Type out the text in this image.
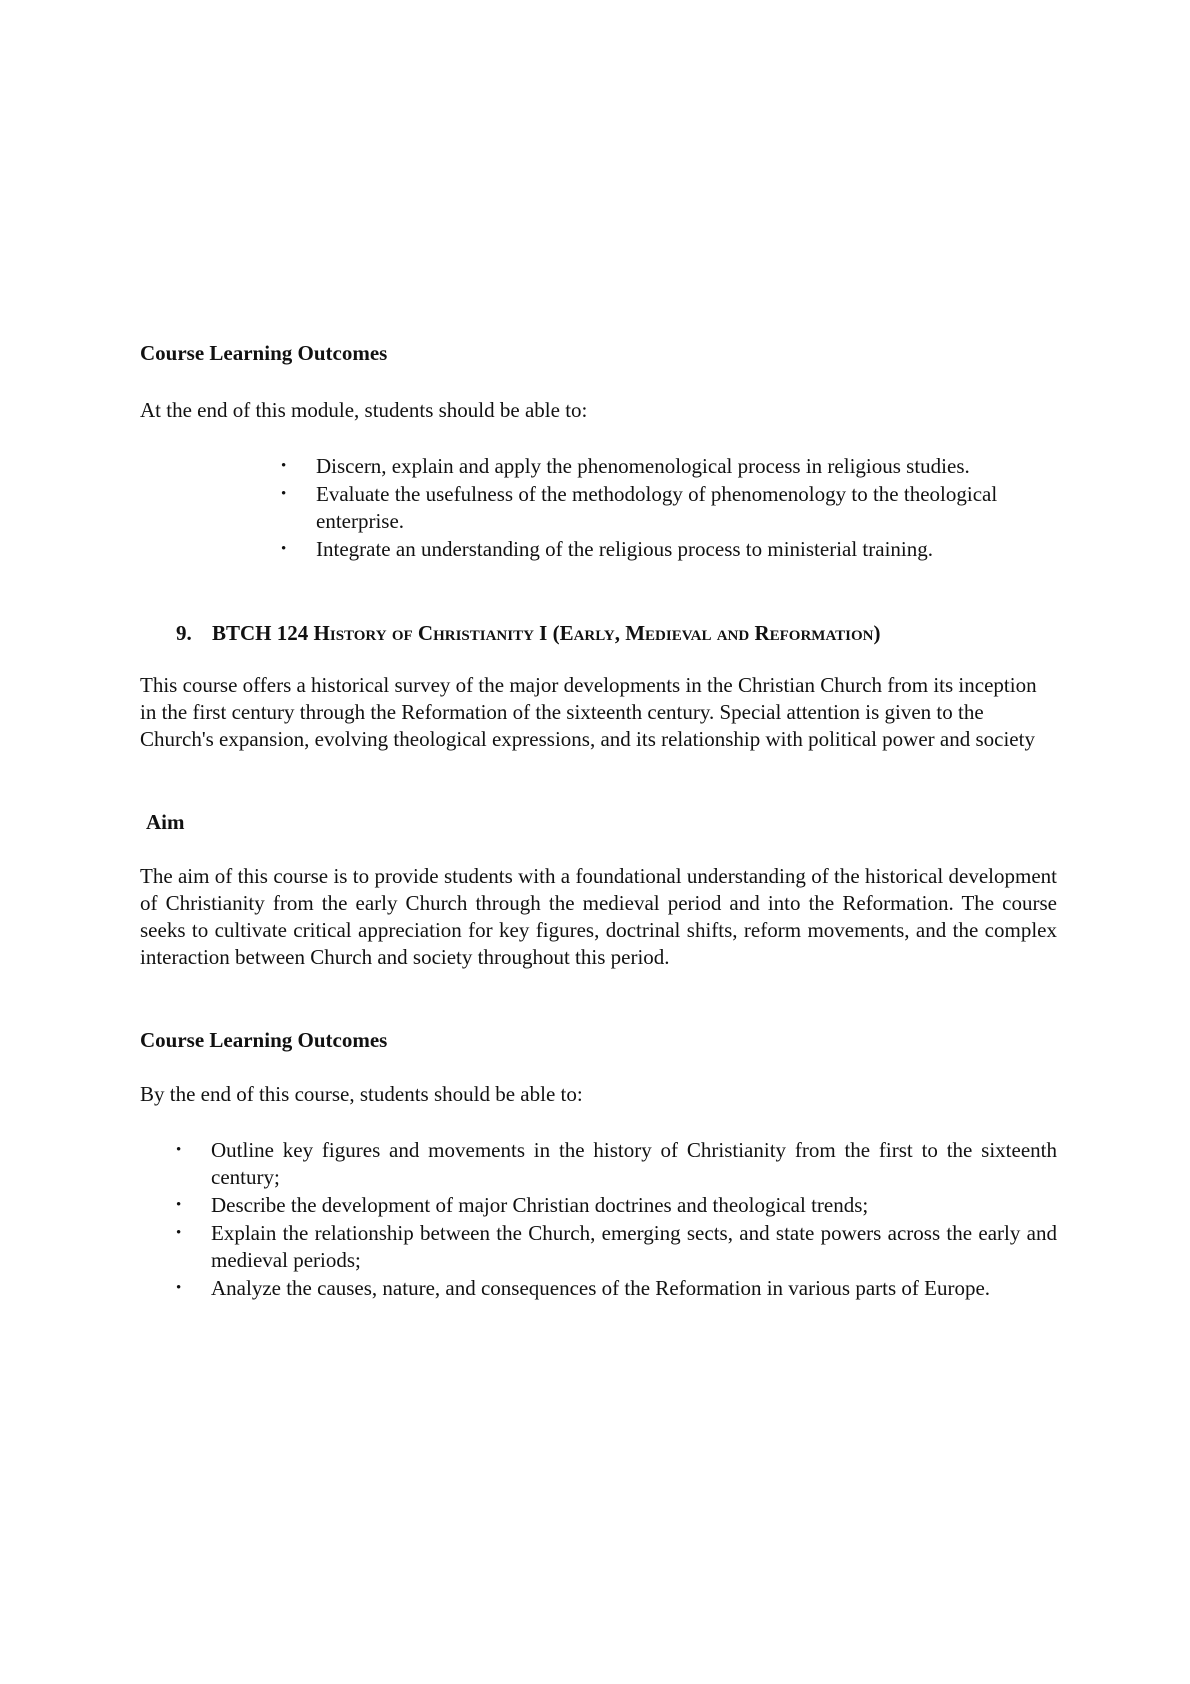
Course Learning Outcomes
At the end of this module, students should be able to:
• Discern, explain and apply the phenomenological process in religious studies.
• Evaluate the usefulness of the methodology of phenomenology to the theological enterprise.
• Integrate an understanding of the religious process to ministerial training.
9. BTCH 124 History of Christianity I (Early, Medieval and Reformation)
This course offers a historical survey of the major developments in the Christian Church from its inception in the first century through the Reformation of the sixteenth century. Special attention is given to the Church's expansion, evolving theological expressions, and its relationship with political power and society
Aim
The aim of this course is to provide students with a foundational understanding of the historical development of Christianity from the early Church through the medieval period and into the Reformation. The course seeks to cultivate critical appreciation for key figures, doctrinal shifts, reform movements, and the complex interaction between Church and society throughout this period.
Course Learning Outcomes
By the end of this course, students should be able to:
• Outline key figures and movements in the history of Christianity from the first to the sixteenth century;
• Describe the development of major Christian doctrines and theological trends;
• Explain the relationship between the Church, emerging sects, and state powers across the early and medieval periods;
• Analyze the causes, nature, and consequences of the Reformation in various parts of Europe.
